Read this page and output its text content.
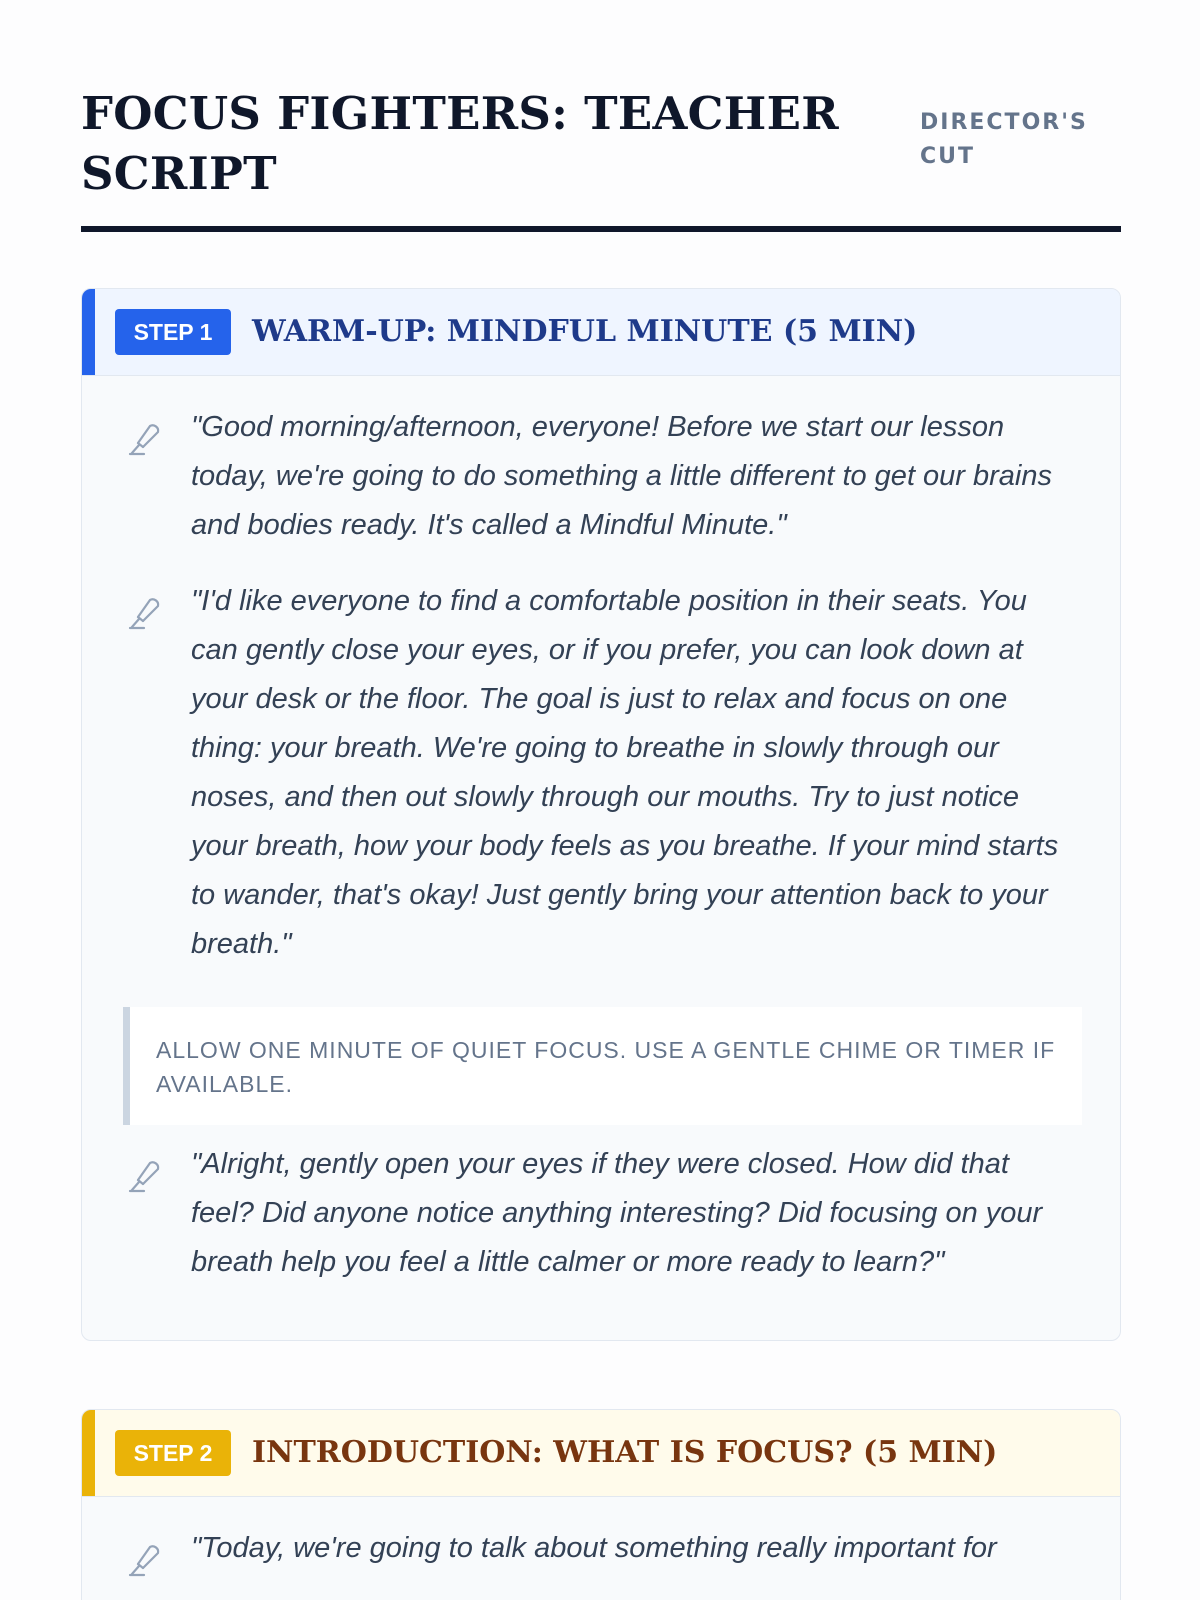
FOCUS FIGHTERS: TEACHER SCRIPT
DIRECTOR'S CUT
STEP 1	WARM-UP: MINDFUL MINUTE (5 MIN)

"Good morning/afternoon, everyone! Before we start our lesson today, we're going to do something a little different to get our brains and bodies ready. It's called a Mindful Minute."

"I'd like everyone to find a comfortable position in their seats. You can gently close your eyes, or if you prefer, you can look down at your desk or the floor. The goal is just to relax and focus on one thing: your breath. We're going to breathe in slowly through our noses, and then out slowly through our mouths. Try to just notice your breath, how your body feels as you breathe. If your mind starts to wander, that's okay! Just gently bring your attention back to your breath."

ALLOW ONE MINUTE OF QUIET FOCUS. USE A GENTLE CHIME OR TIMER IF AVAILABLE.

"Alright, gently open your eyes if they were closed. How did that feel? Did anyone notice anything interesting? Did focusing on your breath help you feel a little calmer or more ready to learn?"

STEP 2	INTRODUCTION: WHAT IS FOCUS? (5 MIN)

"Today, we're going to talk about something really important for
